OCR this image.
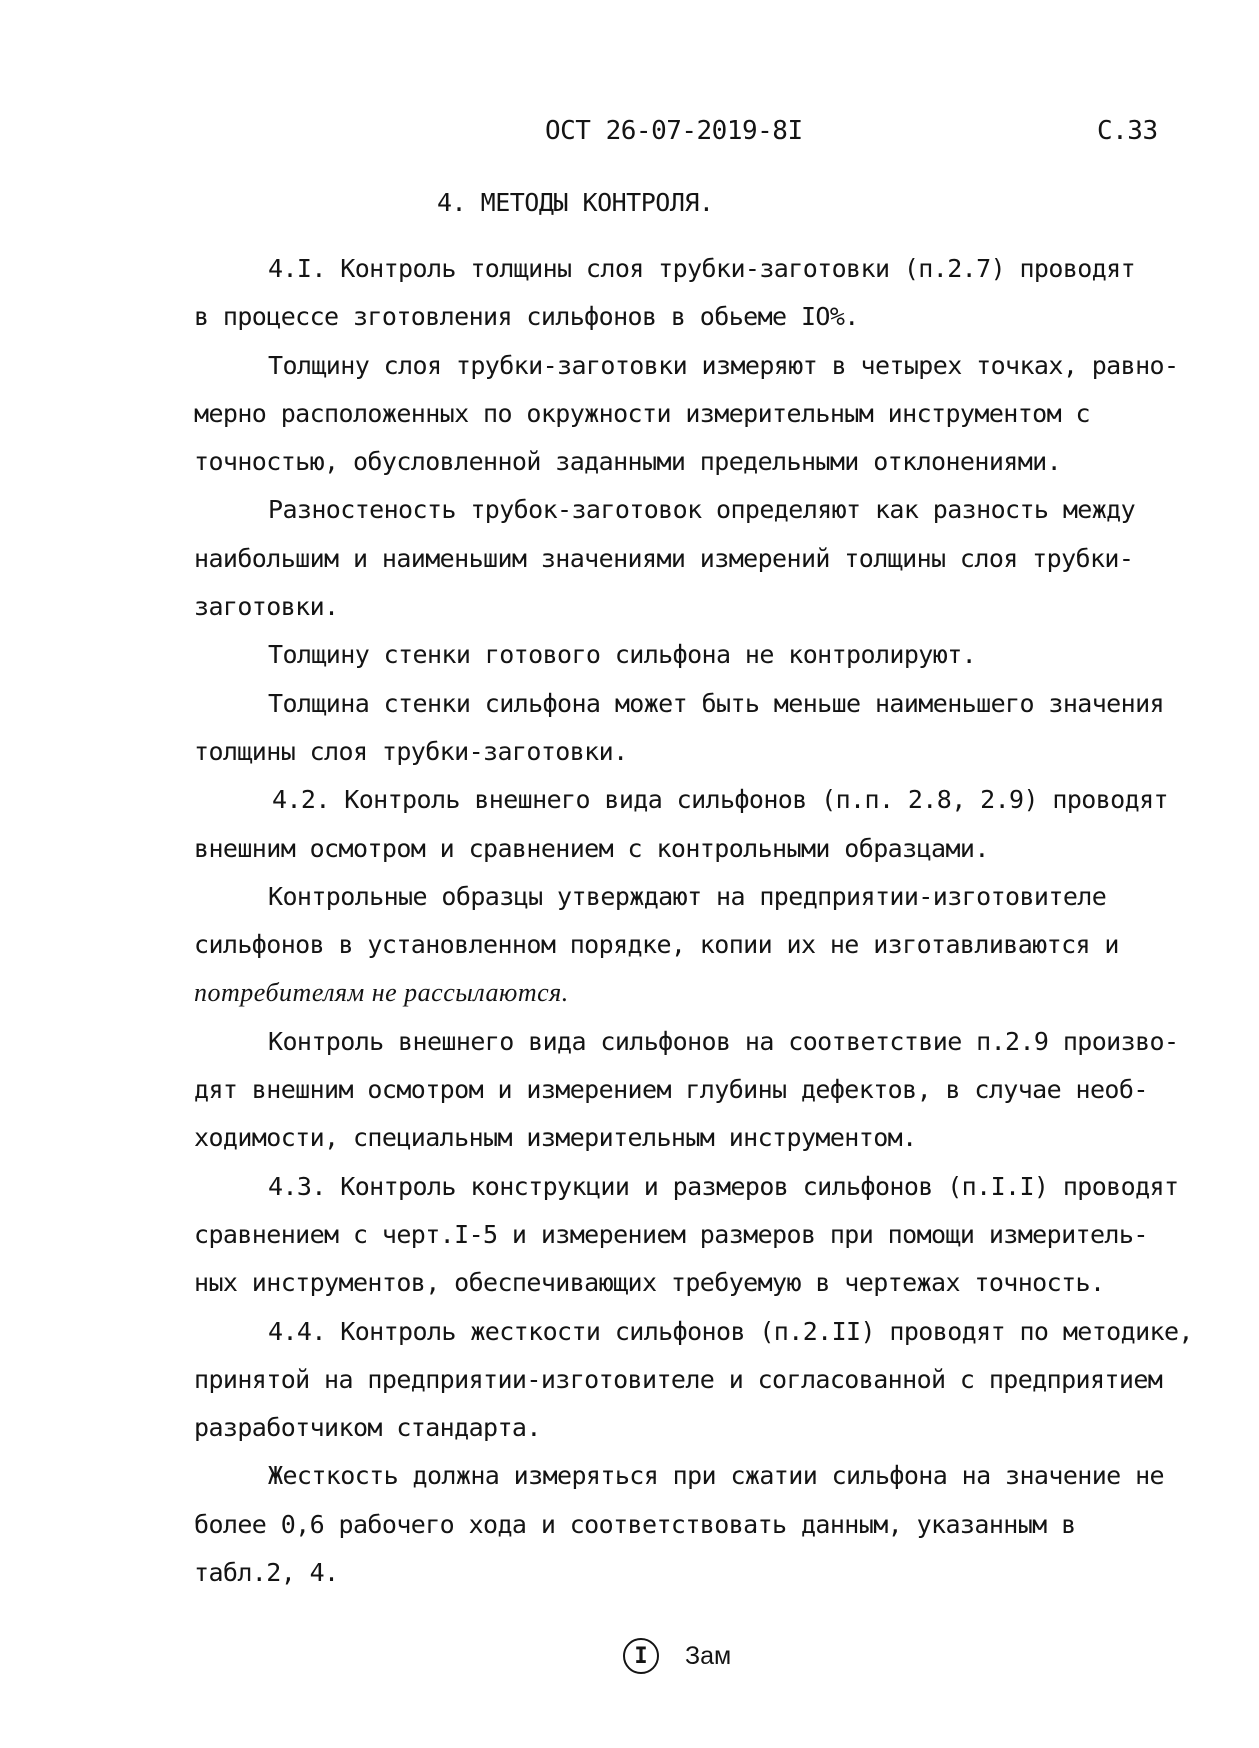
ОСТ 26-07-2019-8I	С.33
4. МЕТОДЫ КОНТРОЛЯ.
4.I. Контроль толщины слоя трубки-заготовки (п.2.7) проводят
в процессе зготовления сильфонов в обьеме IO%.
Толщину слоя трубки-заготовки измеряют в четырех точках, равно-
мерно расположенных по окружности измерительным инструментом с
точностью, обусловленной заданными предельными отклонениями.
Разностеность трубок-заготовок определяют как разность между
наибольшим и наименьшим значениями измерений толщины слоя трубки-
заготовки.
Толщину стенки готового сильфона не контролируют.
Толщина стенки сильфона может быть меньше наименьшего значения
толщины слоя трубки-заготовки.
4.2. Контроль внешнего вида сильфонов (п.п. 2.8, 2.9) проводят
внешним осмотром и сравнением с контрольными образцами.
Контрольные образцы утверждают на предприятии-изготовителе
сильфонов в установленном порядке, копии их не изготавливаются и
потребителям не рассылаются.
Контроль внешнего вида сильфонов на соответствие п.2.9 произво-
дят внешним осмотром и измерением глубины дефектов, в случае необ-
ходимости, специальным измерительным инструментом.
4.3. Контроль конструкции и размеров сильфонов (п.I.I) проводят
сравнением с черт.I-5 и измерением размеров при помощи измеритель-
ных инструментов, обеспечивающих требуемую в чертежах точность.
4.4. Контроль жесткости сильфонов (п.2.II) проводят по методике,
принятой на предприятии-изготовителе и согласованной с предприятием
разработчиком стандарта.
Жесткость должна измеряться при сжатии сильфона на значение не
более 0,6 рабочего хода и соответствовать данным, указанным в
табл.2, 4.
I	Зам
